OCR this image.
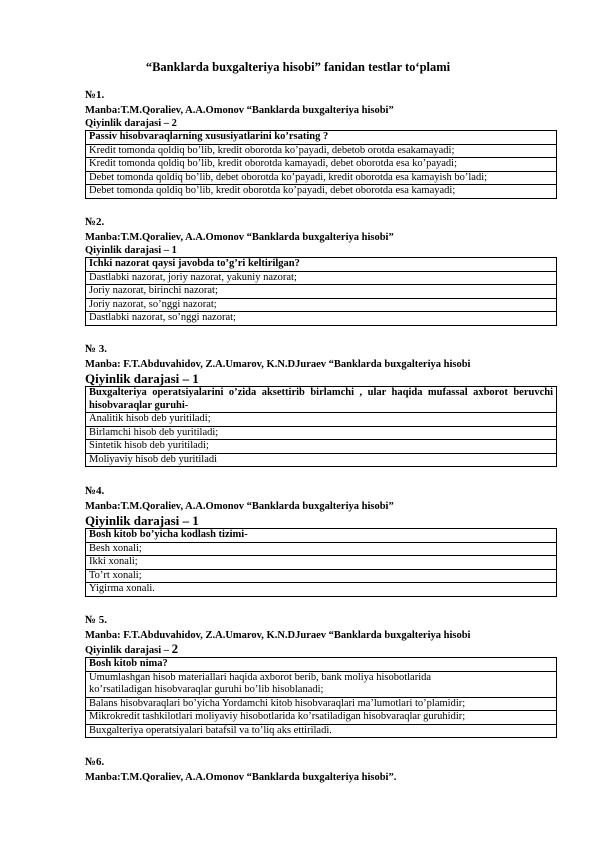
“Banklarda buxgalteriya hisobi” fanidan testlar to‘plami
№1.
Manba:T.M.Qoraliev, A.A.Omonov “Banklarda buxgalteriya hisobi”
Qiyinlik darajasi – 2
Passiv hisobvaraqlarning xususiyatlarini ko’rsating ?
Kredit tomonda qoldiq bo’lib, kredit oborotda ko’payadi, debetob orotda esakamayadi;
Kredit tomonda qoldiq bo’lib, kredit oborotda kamayadi, debet oborotda esa ko’payadi;
Debet tomonda qoldiq bo’lib, debet oborotda ko’payadi, kredit oborotda esa kamayish bo’ladi;
Debet tomonda qoldiq bo’lib, kredit oborotda ko’payadi, debet oborotda esa kamayadi;
№2.
Manba:T.M.Qoraliev, A.A.Omonov “Banklarda buxgalteriya hisobi”
Qiyinlik darajasi – 1
Ichki nazorat qaysi javobda to’g’ri keltirilgan?
Dastlabki nazorat, joriy nazorat, yakuniy nazorat;
Joriy nazorat, birinchi nazorat;
Joriy nazorat, so’nggi nazorat;
Dastlabki nazorat, so’nggi nazorat;
№ 3.
Manba: F.T.Abduvahidov, Z.A.Umarov, K.N.DJuraev “Banklarda buxgalteriya hisobi
Qiyinlik darajasi – 1
Buxgalteriya operatsiyalarini o’zida aksettirib birlamchi , ular haqida mufassal axborot beruvchi hisobvaraqlar guruhi-
Analitik hisob deb yuritiladi;
Birlamchi hisob deb yuritiladi;
Sintetik hisob deb yuritiladi;
Moliyaviy hisob deb yuritiladi
№4.
Manba:T.M.Qoraliev, A.A.Omonov “Banklarda buxgalteriya hisobi”
Qiyinlik darajasi – 1
Bosh kitob bo’yicha kodlash tizimi-
Besh xonali;
Ikki xonali;
To’rt xonali;
Yigirma xonali.
№ 5.
Manba: F.T.Abduvahidov, Z.A.Umarov, K.N.DJuraev “Banklarda buxgalteriya hisobi
Qiyinlik darajasi – 2
Bosh kitob nima?
Umumlashgan hisob materiallari haqida axborot berib, bank moliya hisobotlarida ko’rsatiladigan hisobvaraqlar guruhi bo’lib hisoblanadi;
Balans hisobvaraqlari bo’yicha Yordamchi kitob hisobvaraqlari ma’lumotlari to’plamidir;
Mikrokredit tashkilotlari moliyaviy hisobotlarida ko’rsatiladigan hisobvaraqlar guruhidir;
Buxgalteriya operatsiyalari batafsil va to’liq aks ettiriladi.
№6.
Manba:T.M.Qoraliev, A.A.Omonov “Banklarda buxgalteriya hisobi”.
